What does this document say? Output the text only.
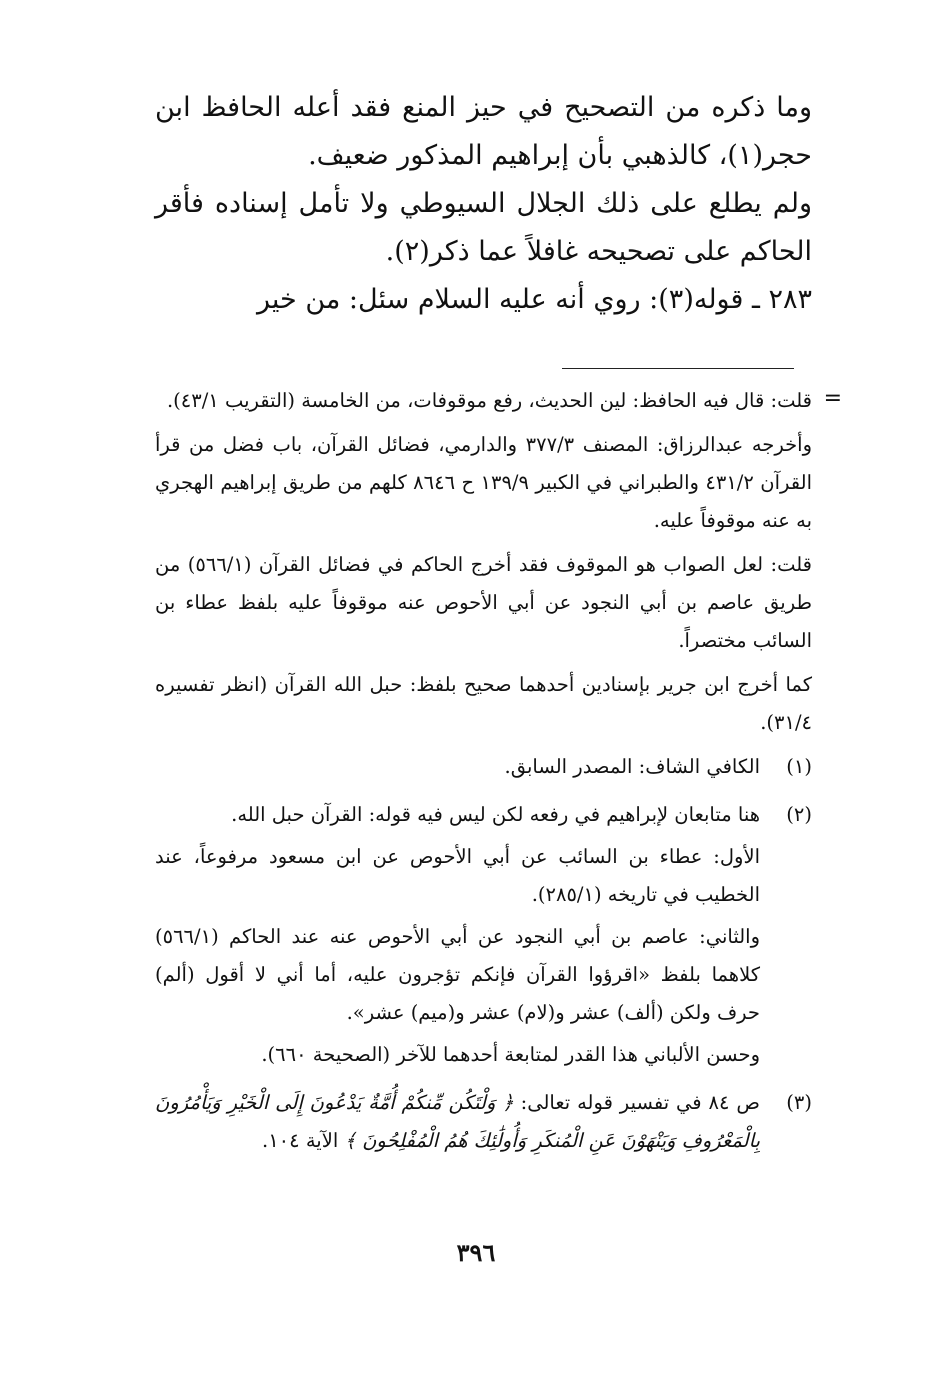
وما ذكره من التصحيح في حيز المنع فقد أعله الحافظ ابن حجر(١)، كالذهبي بأن إبراهيم المذكور ضعيف.

ولم يطلع على ذلك الجلال السيوطي ولا تأمل إسناده فأقر الحاكم على تصحيحه غافلاً عما ذكر(٢).

٢٨٣ ـ قوله(٣): روي أنه عليه السلام سئل: من خير

=

قلت: قال فيه الحافظ: لين الحديث، رفع موقوفات، من الخامسة (التقريب ٤٣/١).

وأخرجه عبدالرزاق: المصنف ٣٧٧/٣ والدارمي، فضائل القرآن، باب فضل من قرأ القرآن ٤٣١/٢ والطبراني في الكبير ١٣٩/٩ ح ٨٦٤٦ كلهم من طريق إبراهيم الهجري به عنه موقوفاً عليه.

قلت: لعل الصواب هو الموقوف فقد أخرج الحاكم في فضائل القرآن (٥٦٦/١) من طريق عاصم بن أبي النجود عن أبي الأحوص عنه موقوفاً عليه بلفظ عطاء بن السائب مختصراً.

كما أخرج ابن جرير بإسنادين أحدهما صحيح بلفظ: حبل الله القرآن (انظر تفسيره ٣١/٤).

(١)

الكافي الشاف: المصدر السابق.

(٢)

هنا متابعان لإبراهيم في رفعه لكن ليس فيه قوله: القرآن حبل الله.

الأول: عطاء بن السائب عن أبي الأحوص عن ابن مسعود مرفوعاً، عند الخطيب في تاريخه (٢٨٥/١).

والثاني: عاصم بن أبي النجود عن أبي الأحوص عنه عند الحاكم (٥٦٦/١) كلاهما بلفظ «اقرؤوا القرآن فإنكم تؤجرون عليه، أما أني لا أقول (ألم) حرف ولكن (ألف) عشر و(لام) عشر و(ميم) عشر».

وحسن الألباني هذا القدر لمتابعة أحدهما للآخر (الصحيحة ٦٦٠).

(٣)

ص ٨٤ في تفسير قوله تعالى: ﴿ وَلْتَكُن مِّنكُمْ أُمَّةٌ يَدْعُونَ إِلَى الْخَيْرِ وَيَأْمُرُونَ بِالْمَعْرُوفِ وَيَنْهَوْنَ عَنِ الْمُنكَرِ وَأُولَٰئِكَ هُمُ الْمُفْلِحُونَ ﴾ الآية ١٠٤.

٣٩٦
